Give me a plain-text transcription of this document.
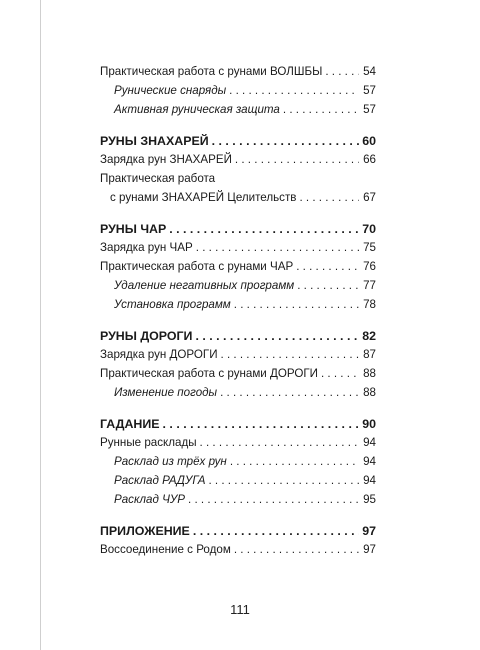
Практическая работа с рунами ВОЛШБЫ . . .	54
Рунические снаряды . . .	57
Активная руническая защита . . .	57
РУНЫ ЗНАХАРЕЙ . . .	60
Зарядка рун ЗНАХАРЕЙ . . .	66
Практическая работа
с рунами ЗНАХАРЕЙ Целительств . . .	67
РУНЫ ЧАР . . .	70
Зарядка рун ЧАР . . .	75
Практическая работа с рунами ЧАР . . .	76
Удаление негативных программ . . .	77
Установка программ . . .	78
РУНЫ ДОРОГИ . . .	82
Зарядка рун ДОРОГИ . . .	87
Практическая работа с рунами ДОРОГИ . . .	88
Изменение погоды . . .	88
ГАДАНИЕ . . .	90
Рунные расклады . . .	94
Расклад из трёх рун . . .	94
Расклад РАДУГА . . .	94
Расклад ЧУР . . .	95
ПРИЛОЖЕНИЕ . . .	97
Воссоединение с Родом . . .	97
111
